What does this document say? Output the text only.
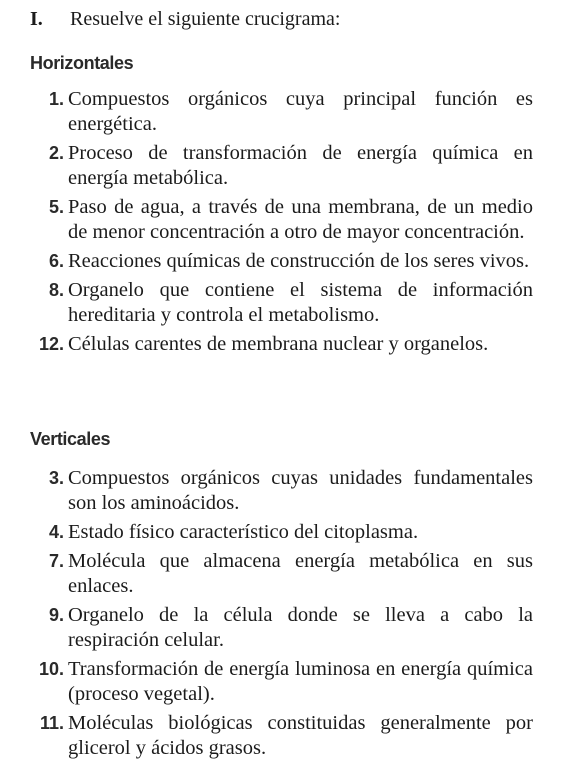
I. Resuelve el siguiente crucigrama:
Horizontales
1. Compuestos orgánicos cuya principal función es energética.
2. Proceso de transformación de energía química en energía metabólica.
5. Paso de agua, a través de una membrana, de un medio de menor concentración a otro de mayor concentración.
6. Reacciones químicas de construcción de los seres vivos.
8. Organelo que contiene el sistema de información hereditaria y controla el metabolismo.
12. Células carentes de membrana nuclear y organelos.
Verticales
3. Compuestos orgánicos cuyas unidades fundamentales son los aminoácidos.
4. Estado físico característico del citoplasma.
7. Molécula que almacena energía metabólica en sus enlaces.
9. Organelo de la célula donde se lleva a cabo la respiración celular.
10. Transformación de energía luminosa en energía química (proceso vegetal).
11. Moléculas biológicas constituidas generalmente por glicerol y ácidos grasos.
